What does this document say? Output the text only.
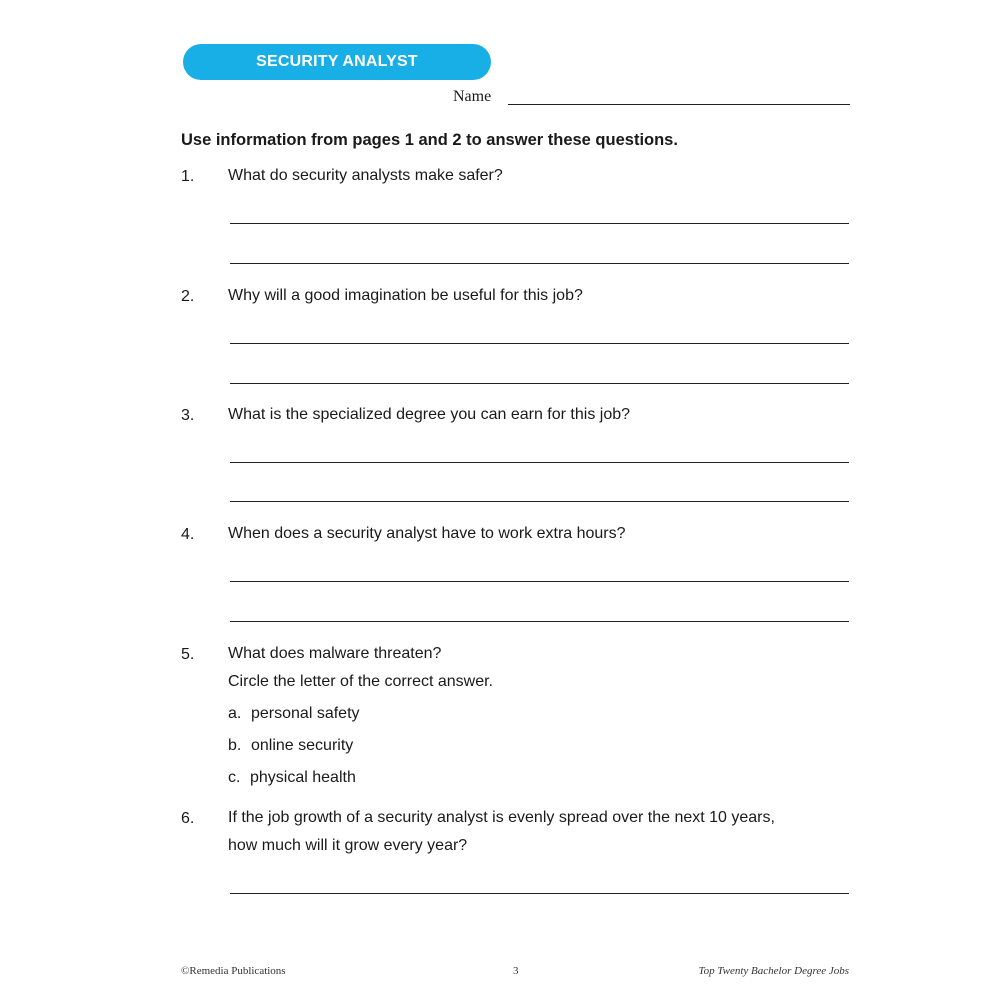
SECURITY ANALYST
Name
Use information from pages 1 and 2 to answer these questions.
1. What do security analysts make safer?
2. Why will a good imagination be useful for this job?
3. What is the specialized degree you can earn for this job?
4. When does a security analyst have to work extra hours?
5. What does malware threaten?
Circle the letter of the correct answer.
a. personal safety
b. online security
c. physical health
6. If the job growth of a security analyst is evenly spread over the next 10 years,
how much will it grow every year?
©Remedia Publications	3	Top Twenty Bachelor Degree Jobs
